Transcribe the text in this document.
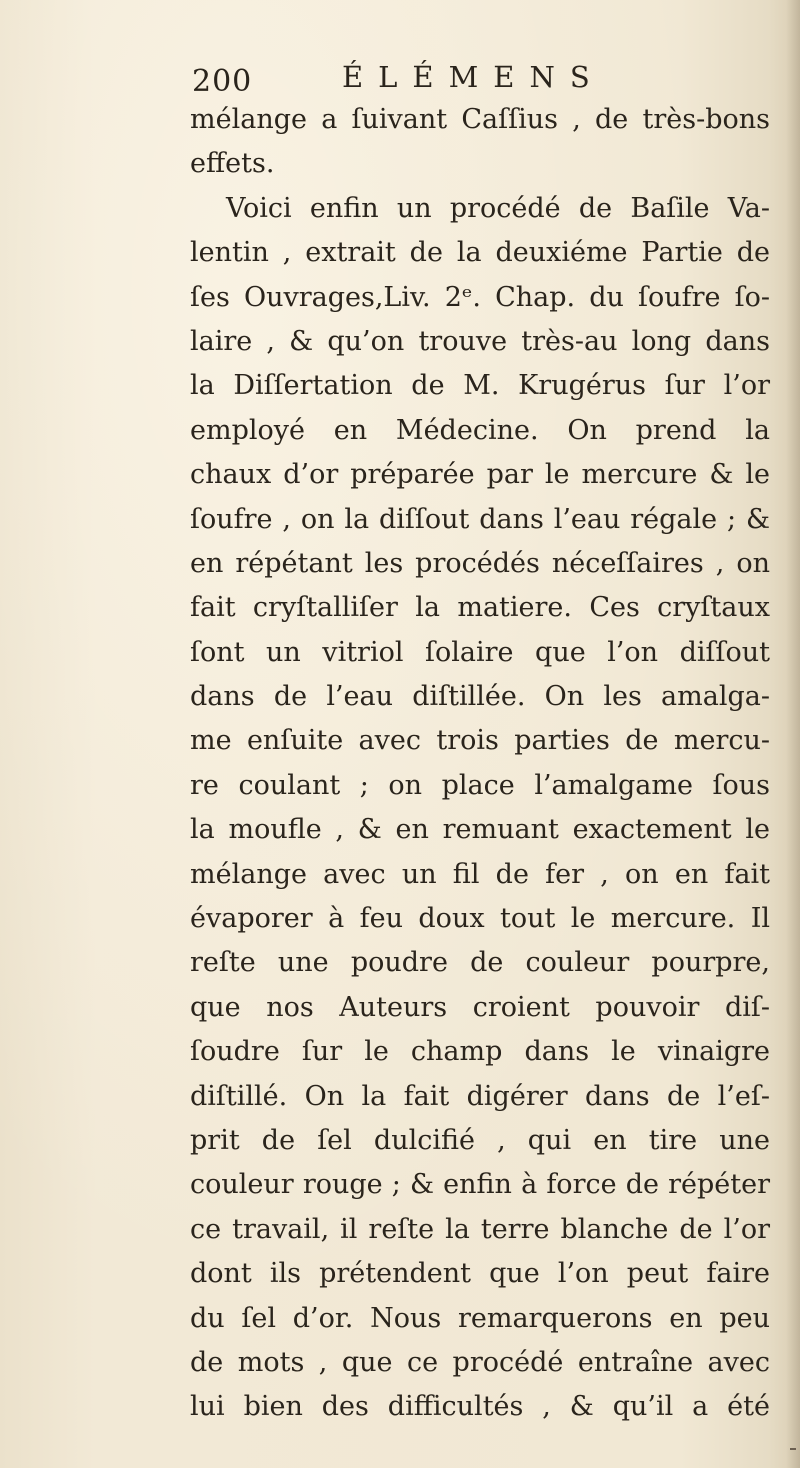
200	ÉLÉMENS
mélange a ſuivant Caſſius , de très-bons
effets.
Voici enfin un procédé de Baſile Va-
lentin , extrait de la deuxiéme Partie de
ſes Ouvrages,Liv. 2ᵉ. Chap. du ſoufre ſo-
laire , & qu’on trouve très-au long dans
la Diſſertation de M. Krugérus ſur l’or
employé en Médecine. On prend la
chaux d’or préparée par le mercure & le
ſoufre , on la diſſout dans l’eau régale ; &
en répétant les procédés néceſſaires , on
fait cryſtalliſer la matiere. Ces cryſtaux
ſont un vitriol ſolaire que l’on diſſout
dans de l’eau diſtillée. On les amalga-
me enſuite avec trois parties de mercu-
re coulant ; on place l’amalgame ſous
la moufle , & en remuant exactement le
mélange avec un fil de fer , on en fait
évaporer à feu doux tout le mercure. Il
reſte une poudre de couleur pourpre,
que nos Auteurs croient pouvoir diſ-
ſoudre ſur le champ dans le vinaigre
diſtillé. On la fait digérer dans de l’eſ-
prit de ſel dulcifié , qui en tire une
couleur rouge ; & enfin à force de répéter
ce travail, il reſte la terre blanche de l’or
dont ils prétendent que l’on peut faire
du ſel d’or. Nous remarquerons en peu
de mots , que ce procédé entraîne avec
lui bien des difficultés , & qu’il a été
